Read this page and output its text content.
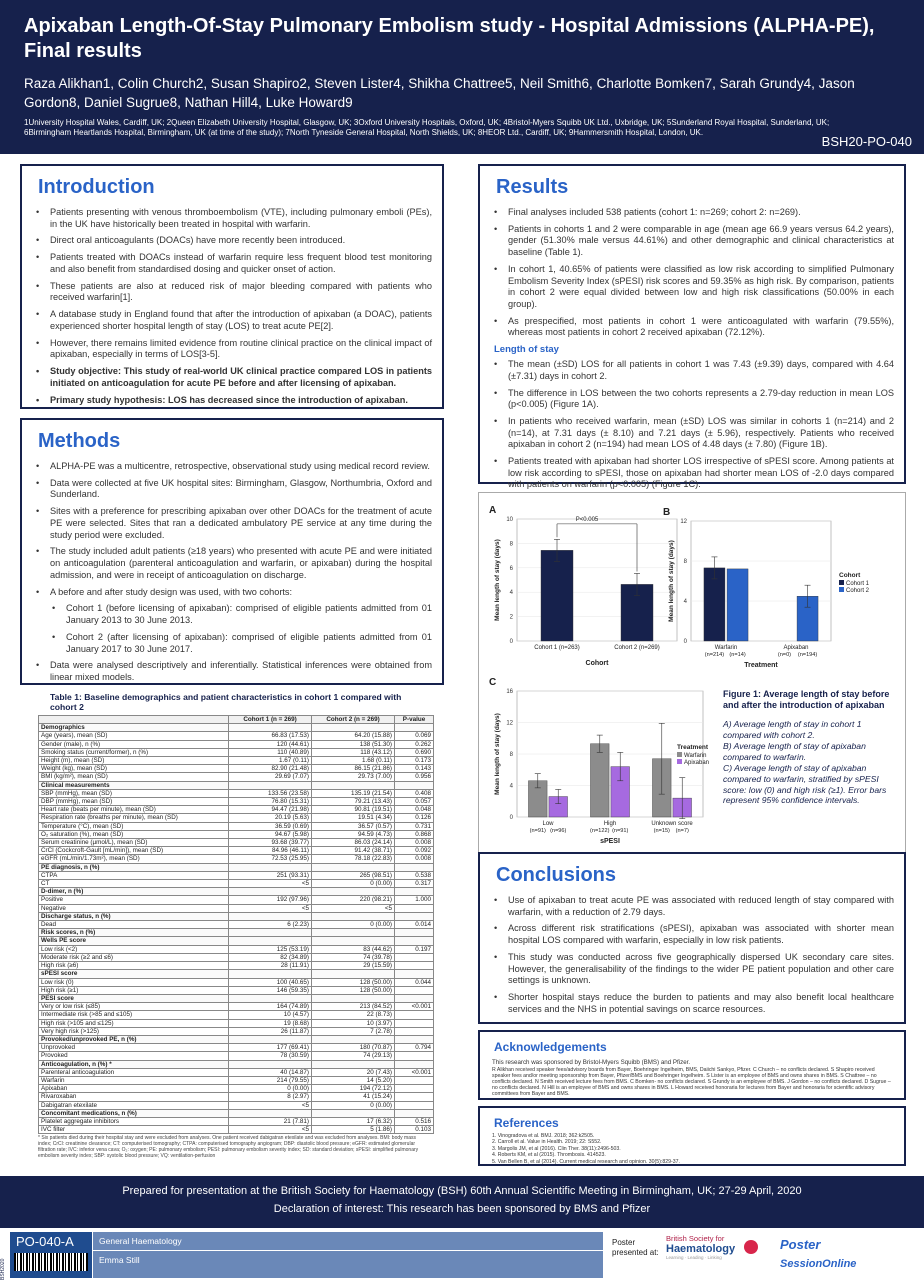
Apixaban Length-Of-Stay Pulmonary Embolism study - Hospital Admissions (ALPHA-PE), Final results
Raza Alikhan1, Colin Church2, Susan Shapiro2, Steven Lister4, Shikha Chattree5, Neil Smith6, Charlotte Bomken7, Sarah Grundy4, Jason Gordon8, Daniel Sugrue8, Nathan Hill4, Luke Howard9
1University Hospital Wales, Cardiff, UK; 2Queen Elizabeth University Hospital, Glasgow, UK; 3Oxford University Hospitals, Oxford, UK; 4Bristol-Myers Squibb UK Ltd., Uxbridge, UK; 5Sunderland Royal Hospital, Sunderland, UK; 6Birmingham Heartlands Hospital, Birmingham, UK (at time of the study); 7North Tyneside General Hospital, North Shields, UK; 8HEOR Ltd., Cardiff, UK; 9Hammersmith Hospital, London, UK.
BSH20-PO-040
Introduction
• Patients presenting with venous thromboembolism (VTE), including pulmonary emboli (PEs), in the UK have historically been treated in hospital with warfarin.
• Direct oral anticoagulants (DOACs) have more recently been introduced.
• Patients treated with DOACs instead of warfarin require less frequent blood test monitoring and also benefit from standardised dosing and quicker onset of action.
• These patients are also at reduced risk of major bleeding compared with patients who received warfarin[1].
• A database study in England found that after the introduction of apixaban (a DOAC), patients experienced shorter hospital length of stay (LOS) to treat acute PE[2].
• However, there remains limited evidence from routine clinical practice on the clinical impact of apixaban, especially in terms of LOS[3-5].
• Study objective: This study of real-world UK clinical practice compared LOS in patients initiated on anticoagulation for acute PE before and after licensing of apixaban.
• Primary study hypothesis: LOS has decreased since the introduction of apixaban.
Methods
• ALPHA-PE was a multicentre, retrospective, observational study using medical record review.
• Data were collected at five UK hospital sites: Birmingham, Glasgow, Northumbria, Oxford and Sunderland.
• Sites with a preference for prescribing apixaban over other DOACs for the treatment of acute PE were selected. Sites that ran a dedicated ambulatory PE service at any time during the study period were excluded.
• The study included adult patients (≥18 years) who presented with acute PE and were initiated on anticoagulation (parenteral anticoagulation and warfarin, or apixaban) during the hospital admission, and were in receipt of anticoagulation on discharge.
• A before and after study design was used, with two cohorts:
• Cohort 1 (before licensing of apixaban): comprised of eligible patients admitted from 01 January 2013 to 30 June 2013.
• Cohort 2 (after licensing of apixaban): comprised of eligible patients admitted from 01 January 2017 to 30 June 2017.
• Data were analysed descriptively and inferentially. Statistical inferences were obtained from linear mixed models.
Table 1: Baseline demographics and patient characteristics in cohort 1 compared with cohort 2
	Cohort 1 (n = 269)	Cohort 2 (n = 269)	P-value
Demographics			
Age (years), mean (SD)	66.83 (17.53)	64.20 (15.88)	0.069
Gender (male), n (%)	120 (44.61)	138 (51.30)	0.262
Smoking status (current/former), n (%)	110 (40.89)	118 (43.12)	0.690
Height (m), mean (SD)	1.67 (0.11)	1.68 (0.11)	0.173
Weight (kg), mean (SD)	82.90 (21.48)	86.15 (21.86)	0.143
BMI (kg/m²), mean (SD)	29.69 (7.07)	29.73 (7.00)	0.956
Clinical measurements			
SBP (mmHg), mean (SD)	133.56 (23.58)	135.19 (21.54)	0.408
DBP (mmHg), mean (SD)	76.80 (15.31)	79.21 (13.43)	0.057
Heart rate (beats per minute), mean (SD)	94.47 (21.98)	90.81 (19.51)	0.048
Respiration rate (breaths per minute), mean (SD)	20.19 (5.63)	19.51 (4.34)	0.126
Temperature (°C), mean (SD)	36.59 (0.69)	36.57 (0.57)	0.731
O₂ saturation (%), mean (SD)	94.67 (5.98)	94.59 (4.73)	0.868
Serum creatinine (µmol/L), mean (SD)	93.68 (39.77)	86.03 (24.14)	0.008
CrCl (Cockcroft-Gault [mL/min]), mean (SD)	84.96 (46.11)	91.42 (38.71)	0.092
eGFR (mL/min/1.73m²), mean (SD)	72.53 (25.95)	78.18 (22.83)	0.008
PE diagnosis, n (%)			
CTPA	251 (93.31)	265 (98.51)	0.538
CT	<5	0 (0.00)	0.317
D-dimer, n (%)			
Positive	192 (97.96)	220 (98.21)	1.000
Negative	<5	<5	
Discharge status, n (%)			
Dead	6 (2.23)	0 (0.00)	0.014
Risk scores, n (%)			
Wells PE score			
Low risk (<2)	125 (53.19)	83 (44.62)	0.197
Moderate risk (≥2 and ≤6)	82 (34.89)	74 (39.78)	
High risk (≥6)	28 (11.91)	29 (15.59)	
sPESI score			
Low risk (0)	100 (40.65)	128 (50.00)	0.044
High risk (≥1)	146 (59.35)	128 (50.00)	
PESI score			
Very or low risk (≤85)	164 (74.89)	213 (84.52)	<0.001
Intermediate risk (>85 and ≤105)	10 (4.57)	22 (8.73)	
High risk (>105 and ≤125)	19 (8.68)	10 (3.97)	
Very high risk (>125)	26 (11.87)	7 (2.78)	
Provoked/unprovoked PE, n (%)			
Unprovoked	177 (69.41)	180 (70.87)	0.794
Provoked	78 (30.59)	74 (29.13)	
Anticoagulation, n (%) *			
Parenteral anticoagulation	40 (14.87)	20 (7.43)	<0.001
Warfarin	214 (79.55)	14 (5.20)	
Apixaban	0 (0.00)	194 (72.12)	
Rivaroxaban	8 (2.97)	41 (15.24)	
Dabigatran etexilate	<5	0 (0.00)	
Concomitant medications, n (%)			
Platelet aggregate inhibitors	21 (7.81)	17 (6.32)	0.516
IVC filter	<5	5 (1.86)	0.103
* Six patients died during their hospital stay and were excluded from analyses. One patient received dabigatran etexilate and was excluded from analyses. BMI: body mass index; CrCl: creatinine clearance; CT: computerised tomography; CTPA: computerised tomography angiogram; DBP: diastolic blood pressure; eGFR: estimated glomerular filtration rate; IVC: inferior vena cava; O₂: oxygen; PE: pulmonary embolism; PESI: pulmonary embolism severity index; SD: standard deviation; sPESI: simplified pulmonary embolism severity index; SBP: systolic blood pressure; VQ: ventilation-perfusion
Results
• Final analyses included 538 patients (cohort 1: n=269; cohort 2: n=269).
• Patients in cohorts 1 and 2 were comparable in age (mean age 66.9 years versus 64.2 years), gender (51.30% male versus 44.61%) and other demographic and clinical characteristics at baseline (Table 1).
• In cohort 1, 40.65% of patients were classified as low risk according to simplified Pulmonary Embolism Severity Index (sPESI) risk scores and 59.35% as high risk. By comparison, patients in cohort 2 were equal divided between low and high risk classifications (50.00% in each group).
• As prespecified, most patients in cohort 1 were anticoagulated with warfarin (79.55%), whereas most patients in cohort 2 received apixaban (72.12%).
Length of stay
• The mean (±SD) LOS for all patients in cohort 1 was 7.43 (±9.39) days, compared with 4.64 (±7.31) days in cohort 2.
• The difference in LOS between the two cohorts represents a 2.79-day reduction in mean LOS (p<0.005) (Figure 1A).
• In patients who received warfarin, mean (±SD) LOS was similar in cohorts 1 (n=214) and 2 (n=14), at 7.31 days (± 8.10) and 7.21 days (± 5.96), respectively. Patients who received apixaban in cohort 2 (n=194) had mean LOS of 4.48 days (± 7.80) (Figure 1B).
• Patients treated with apixaban had shorter LOS irrespective of sPESI score. Among patients at low risk according to sPESI, those on apixaban had shorter mean LOS of -2.0 days compared with patients on warfarin (p<0.005) (Figure 1C).
A
0
2
4
6
8
10
Mean length of stay (days)
Cohort
Cohort 1 (n=263)	Cohort 2 (n=269)
B
0
4
8
12
Mean length of stay (days)
Treatment
Warfarin
(n=214) (n=14)
Apixaban
(n=0) (n=194)
C
0
4
8
12
16
Mean length of stay (days)
sPESI
Low
(n=91) (n=96)
High
(n=122) (n=91)
Unknown score
(n=15) (n=7)
P<0.005
Cohort
Cohort 1
Cohort 2
Treatment
Warfarin
Apixaban
Figure 1: Average length of stay before and after the introduction of apixaban
A) Average length of stay in cohort 1 compared with cohort 2.
B) Average length of stay of apixaban compared to warfarin.
C) Average length of stay of apixaban compared to warfarin, stratified by sPESI score: low (0) and high risk (≥1). Error bars represent 95% confidence intervals.
Conclusions
• Use of apixaban to treat acute PE was associated with reduced length of stay compared with warfarin, with a reduction of 2.79 days.
• Across different risk stratifications (sPESI), apixaban was associated with shorter mean hospital LOS compared with warfarin, especially in low risk patients.
• This study was conducted across five geographically dispersed UK secondary care sites. However, the generalisability of the findings to the wider PE patient population and other care settings is unknown.
• Shorter hospital stays reduce the burden to patients and may also benefit local healthcare services and the NHS in potential savings on scarce resources.
Acknowledgements
This research was sponsored by Bristol-Myers Squibb (BMS) and Pfizer.
R Alikhan received speaker fees/advisory boards from Bayer, Boehringer Ingelheim, BMS, Daiichi Sankyo, Pfizer. C Church – no conflicts declared. S Shapiro received speaker fees and/or meeting sponsorship from Bayer, Pfizer/BMS and Boehringer Ingelheim. S Lister is an employee of BMS and owns shares in BMS. S Chattree – no conflicts declared. N Smith received lecture fees from BMS. C Bomken- no conflicts declared. S Grundy is an employee of BMS. J Gordon – no conflicts declared. D Sugrue – no conflicts declared. N Hill is an employee of BMS and owns shares in BMS. L Howard received honoraria for lectures from Bayer and honoraria for scientific advisory committees from Bayer and BMS.
References
1. Vinogradova et al. BMJ. 2018; 362:k2505.
2. Carroll et al. Value in Health. 2019; 22: S552.
3. Margolis JM, et al (2016). Clin Ther. 38(11):2496-503.
4. Roberts KM, et al (2015). Thrombosis. 414523.
5. Van Bellen B, et al (2014). Current medical research and opinion. 30(5):829-37.
Prepared for presentation at the British Society for Haematology (BSH) 60th Annual Scientific Meeting in Birmingham, UK; 27-29 April, 2020
Declaration of interest: This research has been sponsored by BMS and Pfizer
BSH2020
PO-040-A	General Haematology
Emma Still
Poster presented at:
British Society for
Haematology
Learning · Leading · Linking
Poster
SessionOnline
